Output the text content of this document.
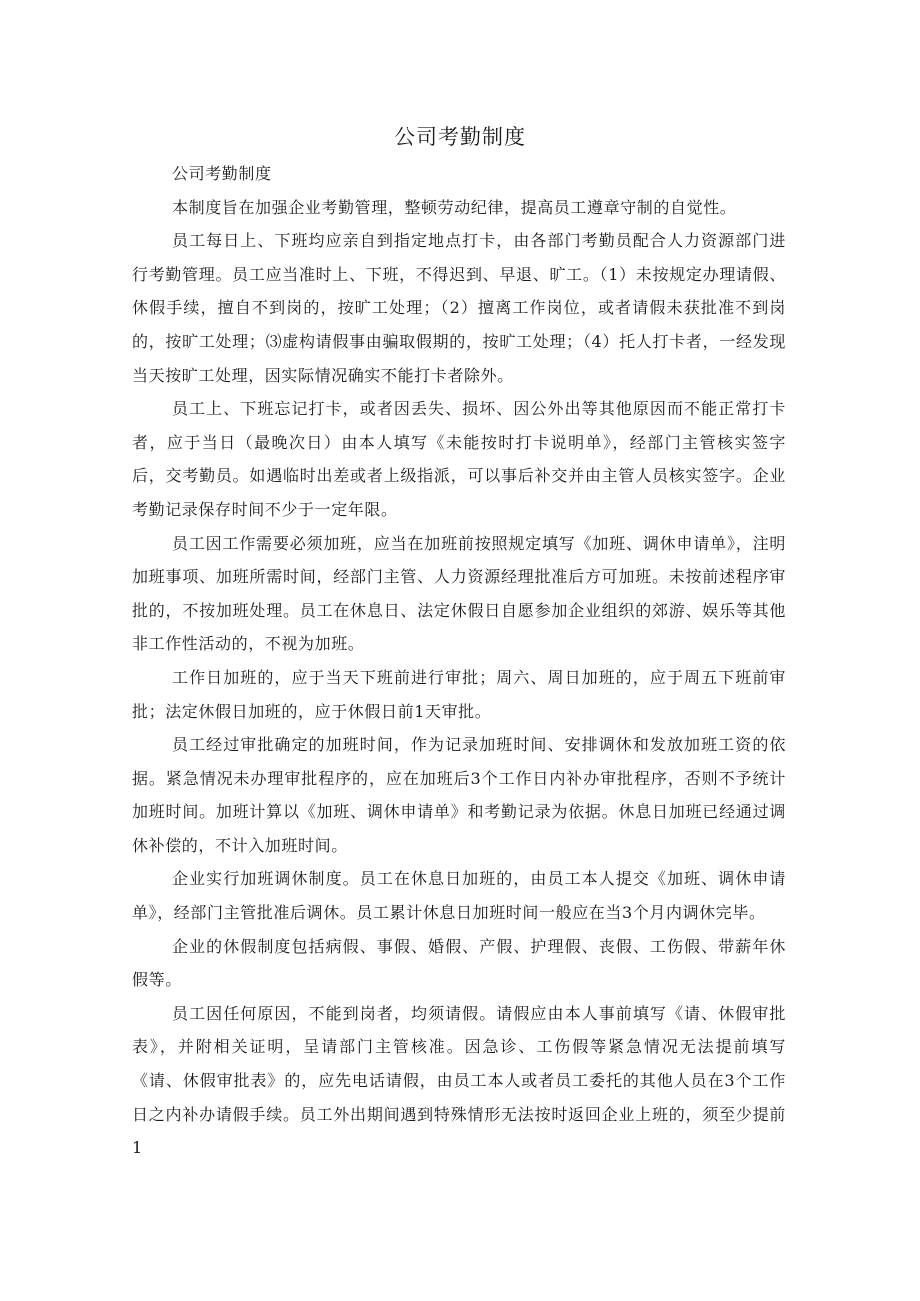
公司考勤制度

公司考勤制度

本制度旨在加强企业考勤管理，整顿劳动纪律，提高员工遵章守制的自觉性。

员工每日上、下班均应亲自到指定地点打卡，由各部门考勤员配合人力资源部门进行考勤管理。员工应当准时上、下班，不得迟到、早退、旷工。（1）未按规定办理请假、休假手续，擅自不到岗的，按旷工处理；（2）擅离工作岗位，或者请假未获批准不到岗的，按旷工处理；⑶虚构请假事由骗取假期的，按旷工处理；（4）托人打卡者，一经发现当天按旷工处理，因实际情况确实不能打卡者除外。

员工上、下班忘记打卡，或者因丢失、损坏、因公外出等其他原因而不能正常打卡者，应于当日（最晚次日）由本人填写《未能按时打卡说明单》，经部门主管核实签字后，交考勤员。如遇临时出差或者上级指派，可以事后补交并由主管人员核实签字。企业考勤记录保存时间不少于一定年限。

员工因工作需要必须加班，应当在加班前按照规定填写《加班、调休申请单》，注明加班事项、加班所需时间，经部门主管、人力资源经理批准后方可加班。未按前述程序审批的，不按加班处理。员工在休息日、法定休假日自愿参加企业组织的郊游、娱乐等其他非工作性活动的，不视为加班。

工作日加班的，应于当天下班前进行审批；周六、周日加班的，应于周五下班前审批；法定休假日加班的，应于休假日前1天审批。

员工经过审批确定的加班时间，作为记录加班时间、安排调休和发放加班工资的依据。紧急情况未办理审批程序的，应在加班后3个工作日内补办审批程序，否则不予统计加班时间。加班计算以《加班、调休申请单》和考勤记录为依据。休息日加班已经通过调休补偿的，不计入加班时间。

企业实行加班调休制度。员工在休息日加班的，由员工本人提交《加班、调休申请单》，经部门主管批准后调休。员工累计休息日加班时间一般应在当3个月内调休完毕。

企业的休假制度包括病假、事假、婚假、产假、护理假、丧假、工伤假、带薪年休假等。

员工因任何原因，不能到岗者，均须请假。请假应由本人事前填写《请、休假审批表》，并附相关证明，呈请部门主管核准。因急诊、工伤假等紧急情况无法提前填写《请、休假审批表》的，应先电话请假，由员工本人或者员工委托的其他人员在3个工作日之内补办请假手续。员工外出期间遇到特殊情形无法按时返回企业上班的，须至少提前1
